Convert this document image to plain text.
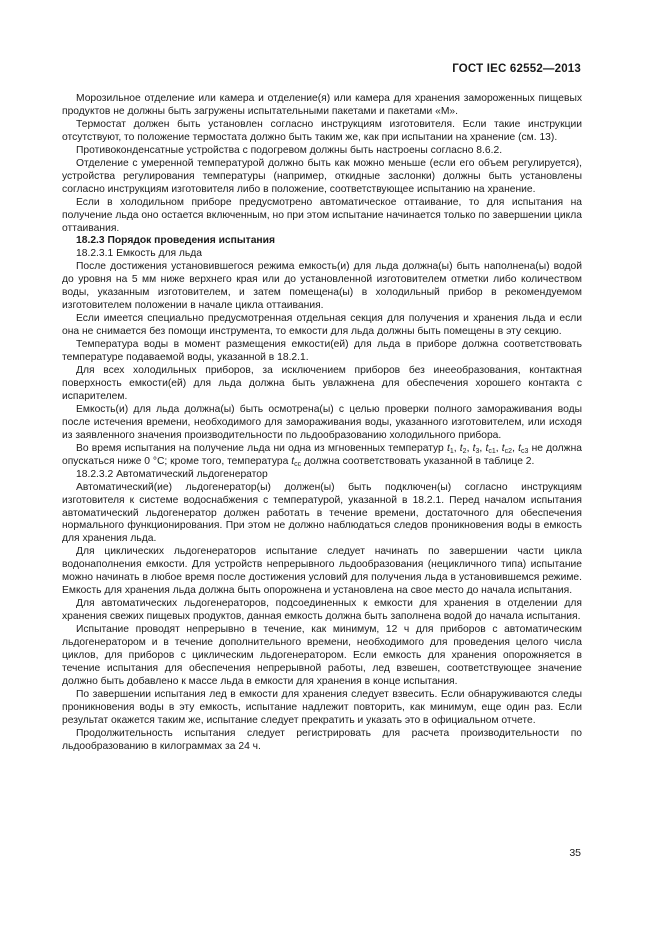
ГОСТ IEC 62552—2013

Морозильное отделение или камера и отделение(я) или камера для хранения замороженных пищевых продуктов не должны быть загружены испытательными пакетами и пакетами «М».

Термостат должен быть установлен согласно инструкциям изготовителя. Если такие инструкции отсутствуют, то положение термостата должно быть таким же, как при испытании на хранение (см. 13).

Противоконденсатные устройства с подогревом должны быть настроены согласно 8.6.2.

Отделение с умеренной температурой должно быть как можно меньше (если его объем регулируется), устройства регулирования температуры (например, откидные заслонки) должны быть установлены согласно инструкциям изготовителя либо в положение, соответствующее испытанию на хранение.

Если в холодильном приборе предусмотрено автоматическое оттаивание, то для испытания на получение льда оно остается включенным, но при этом испытание начинается только по завершении цикла оттаивания.

18.2.3 Порядок проведения испытания

18.2.3.1 Емкость для льда

После достижения установившегося режима емкость(и) для льда должна(ы) быть наполнена(ы) водой до уровня на 5 мм ниже верхнего края или до установленной изготовителем отметки либо количеством воды, указанным изготовителем, и затем помещена(ы) в холодильный прибор в рекомендуемом изготовителем положении в начале цикла оттаивания.

Если имеется специально предусмотренная отдельная секция для получения и хранения льда и если она не снимается без помощи инструмента, то емкости для льда должны быть помещены в эту секцию.

Температура воды в момент размещения емкости(ей) для льда в приборе должна соответствовать температуре подаваемой воды, указанной в 18.2.1.

Для всех холодильных приборов, за исключением приборов без инееобразования, контактная поверхность емкости(ей) для льда должна быть увлажнена для обеспечения хорошего контакта с испарителем.

Емкость(и) для льда должна(ы) быть осмотрена(ы) с целью проверки полного замораживания воды после истечения времени, необходимого для замораживания воды, указанного изготовителем, или исходя из заявленного значения производительности по льдообразованию холодильного прибора.

Во время испытания на получение льда ни одна из мгновенных температур $t_1$, $t_2$, $t_3$, $t_{c1}$, $t_{c2}$, $t_{c3}$ не должна опускаться ниже 0 °С; кроме того, температура $t_{cc}$ должна соответствовать указанной в таблице 2.

18.2.3.2 Автоматический льдогенератор

Автоматический(ие) льдогенератор(ы) должен(ы) быть подключен(ы) согласно инструкциям изготовителя к системе водоснабжения с температурой, указанной в 18.2.1. Перед началом испытания автоматический льдогенератор должен работать в течение времени, достаточного для обеспечения нормального функционирования. При этом не должно наблюдаться следов проникновения воды в емкость для хранения льда.

Для циклических льдогенераторов испытание следует начинать по завершении части цикла водонаполнения емкости. Для устройств непрерывного льдообразования (нецикличного типа) испытание можно начинать в любое время после достижения условий для получения льда в установившемся режиме. Емкость для хранения льда должна быть опорожнена и установлена на свое место до начала испытания.

Для автоматических льдогенераторов, подсоединенных к емкости для хранения в отделении для хранения свежих пищевых продуктов, данная емкость должна быть заполнена водой до начала испытания.

Испытание проводят непрерывно в течение, как минимум, 12 ч для приборов с автоматическим льдогенератором и в течение дополнительного времени, необходимого для проведения целого числа циклов, для приборов с циклическим льдогенератором. Если емкость для хранения опорожняется в течение испытания для обеспечения непрерывной работы, лед взвешен, соответствующее значение должно быть добавлено к массе льда в емкости для хранения в конце испытания.

По завершении испытания лед в емкости для хранения следует взвесить. Если обнаруживаются следы проникновения воды в эту емкость, испытание надлежит повторить, как минимум, еще один раз. Если результат окажется таким же, испытание следует прекратить и указать это в официальном отчете.

Продолжительность испытания следует регистрировать для расчета производительности по льдообразованию в килограммах за 24 ч.

35
